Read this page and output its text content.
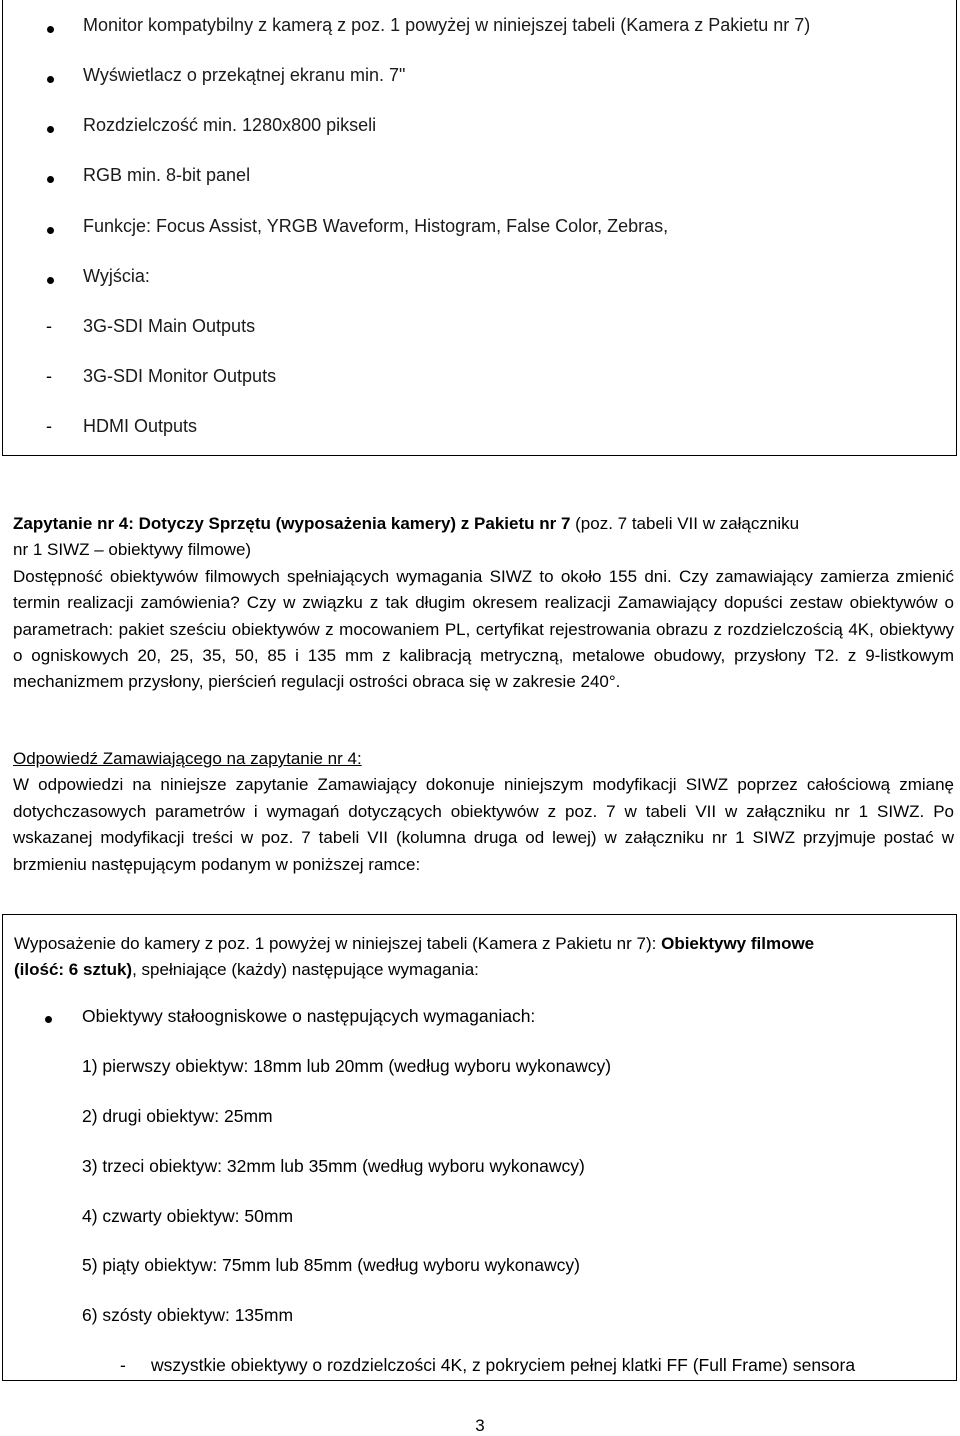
Monitor kompatybilny z kamerą z poz. 1 powyżej w niniejszej tabeli (Kamera z Pakietu nr 7)
Wyświetlacz o przekątnej ekranu min. 7"
Rozdzielczość min. 1280x800 pikseli
RGB min. 8-bit panel
Funkcje: Focus Assist, YRGB Waveform, Histogram, False Color, Zebras,
Wyjścia:
- 3G-SDI Main Outputs
- 3G-SDI Monitor Outputs
- HDMI Outputs
Zapytanie nr 4: Dotyczy Sprzętu (wyposażenia kamery) z Pakietu nr 7 (poz. 7 tabeli VII w załączniku
nr 1 SIWZ – obiektywy filmowe)
Dostępność obiektywów filmowych spełniających wymagania SIWZ to około 155 dni. Czy zamawiający zamierza zmienić termin realizacji zamówienia? Czy w związku z tak długim okresem realizacji Zamawiający dopuści zestaw obiektywów o parametrach: pakiet sześciu obiektywów z mocowaniem PL, certyfikat rejestrowania obrazu z rozdzielczością 4K, obiektywy o ogniskowych 20, 25, 35, 50, 85 i 135 mm z kalibracją metryczną, metalowe obudowy, przysłony T2. z 9-listkowym mechanizmem przysłony, pierścień regulacji ostrości obraca się w zakresie 240°.
Odpowiedź Zamawiającego na zapytanie nr 4:
W odpowiedzi na niniejsze zapytanie Zamawiający dokonuje niniejszym modyfikacji SIWZ poprzez całościową zmianę dotychczasowych parametrów i wymagań dotyczących obiektywów z poz. 7 w tabeli VII w załączniku nr 1 SIWZ. Po wskazanej modyfikacji treści w poz. 7 tabeli VII (kolumna druga od lewej) w załączniku nr 1 SIWZ przyjmuje postać w brzmieniu następującym podanym w poniższej ramce:
Wyposażenie do kamery z poz. 1 powyżej w niniejszej tabeli (Kamera z Pakietu nr 7): Obiektywy filmowe
(ilość: 6 sztuk), spełniające (każdy) następujące wymagania:
Obiektywy stałoogniskowe o następujących wymaganiach:
1) pierwszy obiektyw: 18mm lub 20mm (według wyboru wykonawcy)
2) drugi obiektyw: 25mm
3) trzeci obiektyw: 32mm lub 35mm (według wyboru wykonawcy)
4) czwarty obiektyw: 50mm
5) piąty obiektyw: 75mm lub 85mm (według wyboru wykonawcy)
6) szósty obiektyw: 135mm
- wszystkie obiektywy o rozdzielczości 4K, z pokryciem pełnej klatki FF (Full Frame) sensora
3
